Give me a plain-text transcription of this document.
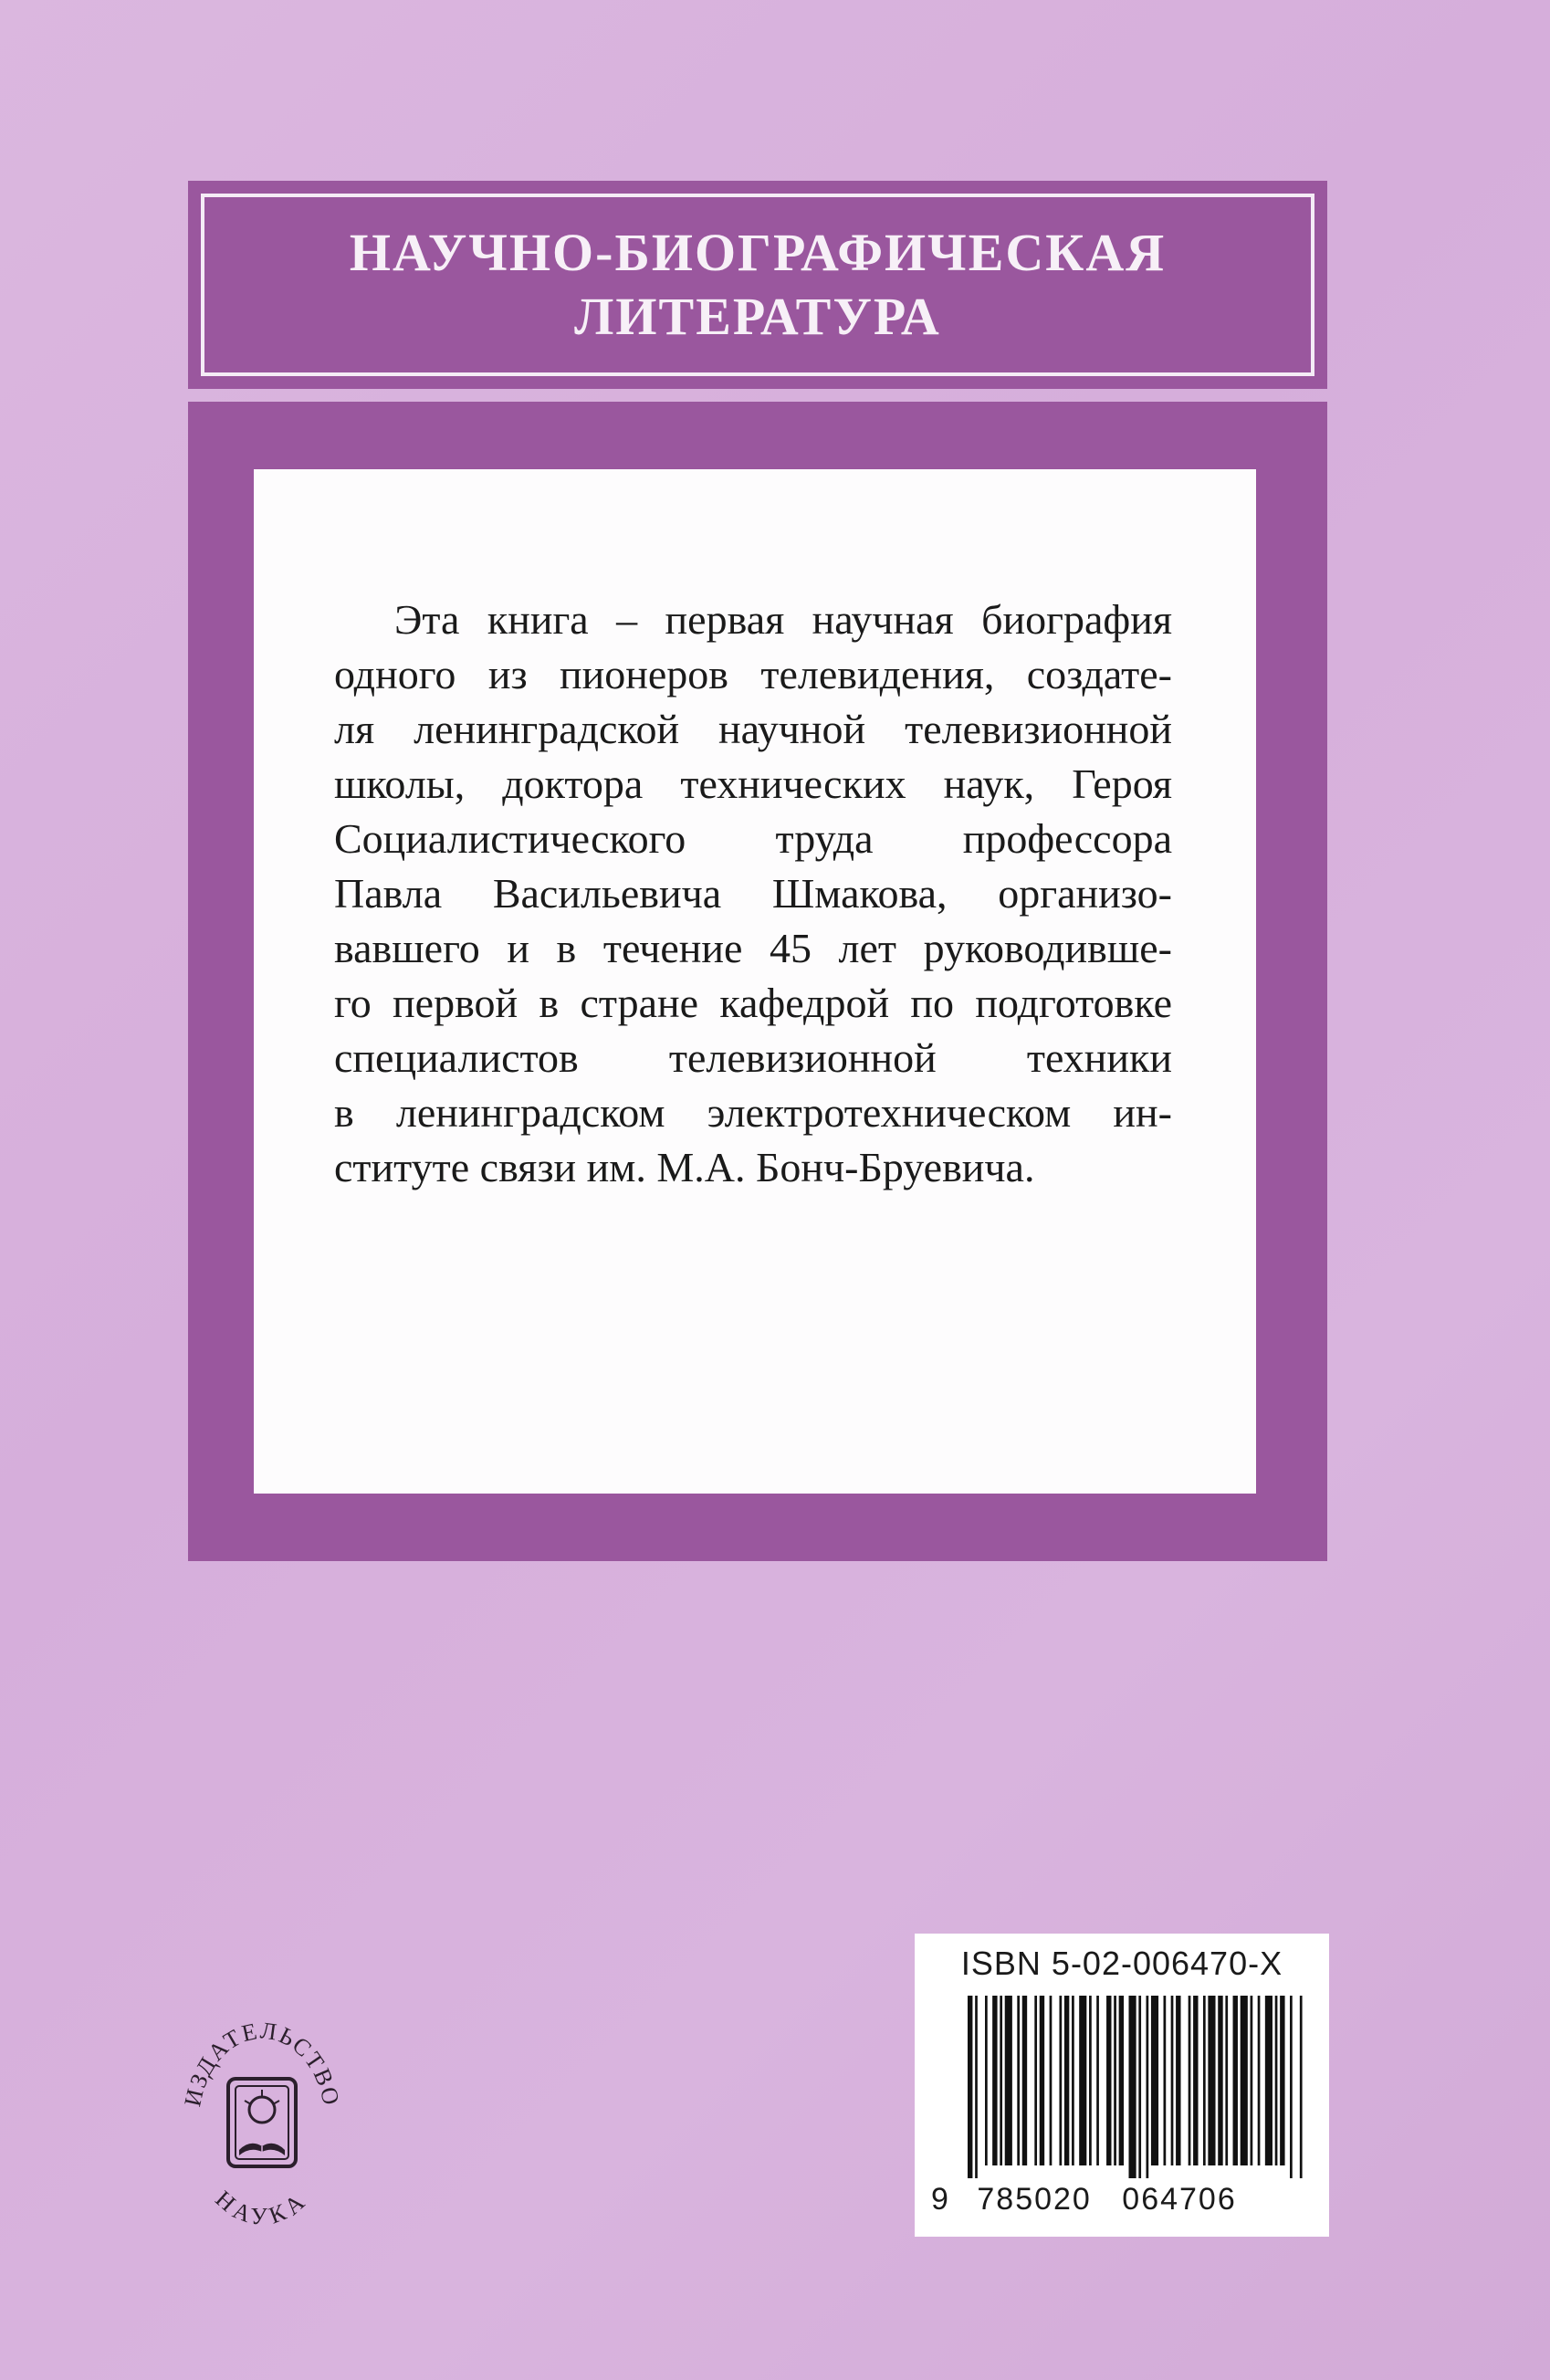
НАУЧНО-БИОГРАФИЧЕСКАЯ
ЛИТЕРАТУРА

Эта книга – первая научная биография
одного из пионеров телевидения, создате-
ля ленинградской научной телевизионной
школы, доктора технических наук, Героя
Социалистического труда профессора
Павла Васильевича Шмакова, организо-
вавшего и в течение 45 лет руководивше-
го первой в стране кафедрой по подготовке
специалистов телевизионной техники
в ленинградском электротехническом ин-
ституте связи им. М.А. Бонч-Бруевича.

ИЗДАТЕЛЬСТВО
НАУКА
ISBN 5-02-006470-X
9 785020 064706
